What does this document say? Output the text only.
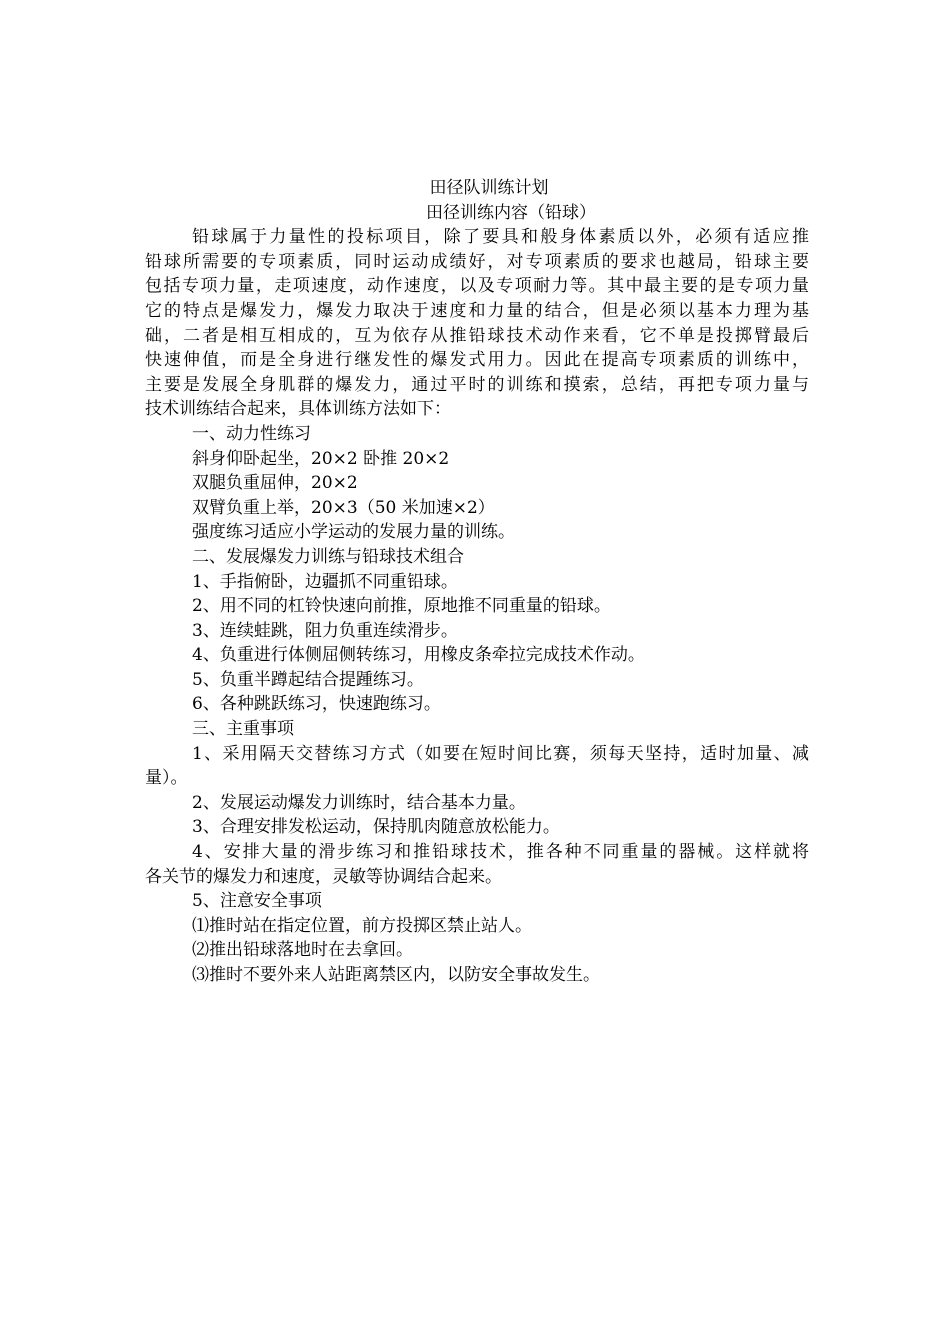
田径队训练计划
田径训练内容（铅球）
铅球属于力量性的投标项目，除了要具和般身体素质以外，必须有适应推
铅球所需要的专项素质，同时运动成绩好，对专项素质的要求也越局，铅球主要
包括专项力量，走项速度，动作速度，以及专项耐力等。其中最主要的是专项力量
它的特点是爆发力，爆发力取决于速度和力量的结合，但是必须以基本力理为基
础，二者是相互相成的，互为依存从推铅球技术动作来看，它不单是投掷臂最后
快速伸值，而是全身进行继发性的爆发式用力。因此在提高专项素质的训练中，
主要是发展全身肌群的爆发力，通过平时的训练和摸索，总结，再把专项力量与
技术训练结合起来，具体训练方法如下：
一、动力性练习
斜身仰卧起坐，20×2 卧推 20×2
双腿负重屈伸，20×2
双臂负重上举，20×3（50 米加速×2）
强度练习适应小学运动的发展力量的训练。
二、发展爆发力训练与铅球技术组合
1、手指俯卧，边疆抓不同重铅球。
2、用不同的杠铃快速向前推，原地推不同重量的铅球。
3、连续蛙跳，阻力负重连续滑步。
4、负重进行体侧屈侧转练习，用橡皮条牵拉完成技术作动。
5、负重半蹲起结合提踵练习。
6、各种跳跃练习，快速跑练习。
三、主重事项
1、采用隔天交替练习方式（如要在短时间比赛，须每天坚持，适时加量、减
量）。
2、发展运动爆发力训练时，结合基本力量。
3、合理安排发松运动，保持肌肉随意放松能力。
4、安排大量的滑步练习和推铅球技术，推各种不同重量的器械。这样就将
各关节的爆发力和速度，灵敏等协调结合起来。
5、注意安全事项
⑴推时站在指定位置，前方投掷区禁止站人。
⑵推出铅球落地时在去拿回。
⑶推时不要外来人站距离禁区内，以防安全事故发生。
